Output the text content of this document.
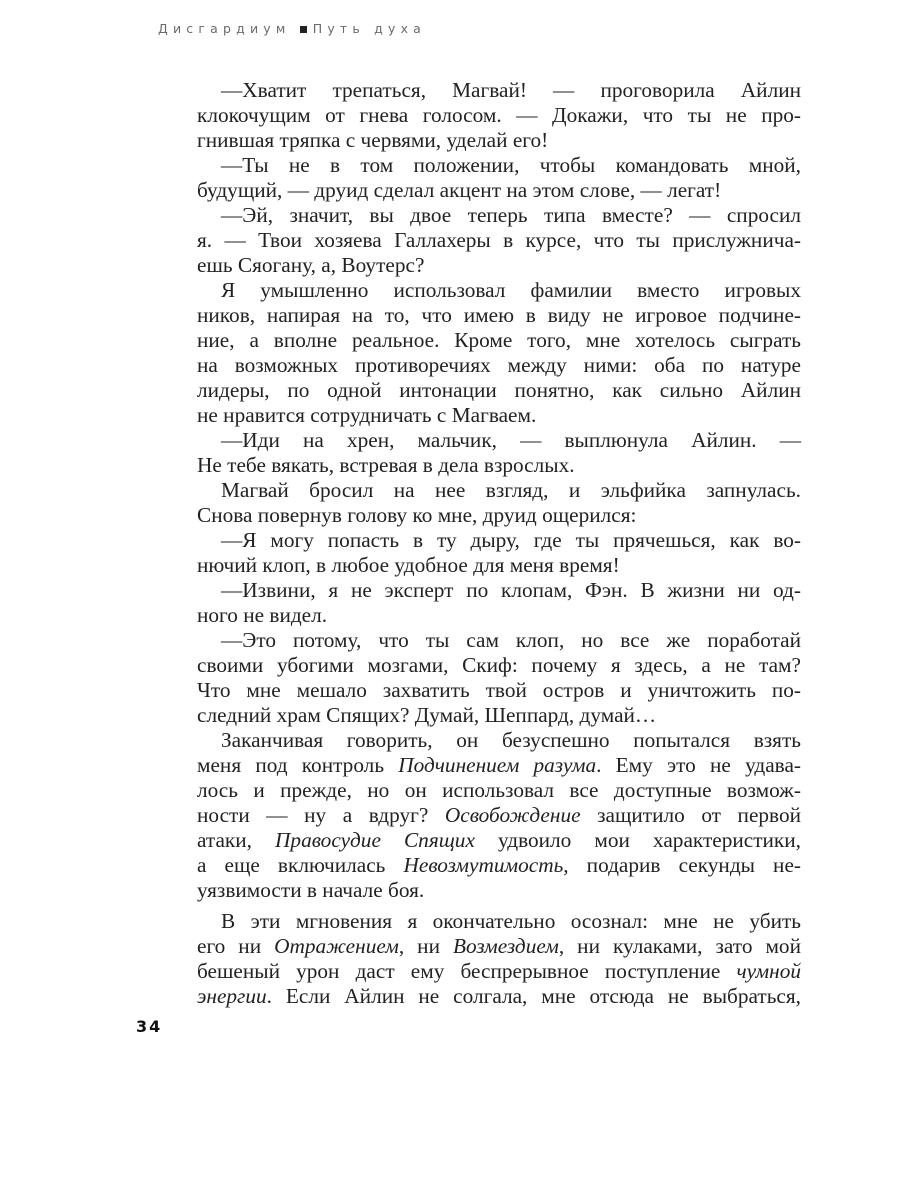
Дисгардиум Путь духа
—Хватит трепаться, Магвай! — проговорила Айлин
клокочущим от гнева голосом. — Докажи, что ты не про-
гнившая тряпка с червями, уделай его!
—Ты не в том положении, чтобы командовать мной,
будущий, — друид сделал акцент на этом слове, — легат!
—Эй, значит, вы двое теперь типа вместе? — спросил
я. — Твои хозяева Галлахеры в курсе, что ты прислужнича-
ешь Сяогану, а, Воутерс?
Я умышленно использовал фамилии вместо игровых
ников, напирая на то, что имею в виду не игровое подчине-
ние, а вполне реальное. Кроме того, мне хотелось сыграть
на возможных противоречиях между ними: оба по натуре
лидеры, по одной интонации понятно, как сильно Айлин
не нравится сотрудничать с Магваем.
—Иди на хрен, мальчик, — выплюнула Айлин. —
Не тебе вякать, встревая в дела взрослых.
Магвай бросил на нее взгляд, и эльфийка запнулась.
Снова повернув голову ко мне, друид ощерился:
—Я могу попасть в ту дыру, где ты прячешься, как во-
нючий клоп, в любое удобное для меня время!
—Извини, я не эксперт по клопам, Фэн. В жизни ни од-
ного не видел.
—Это потому, что ты сам клоп, но все же поработай
своими убогими мозгами, Скиф: почему я здесь, а не там?
Что мне мешало захватить твой остров и уничтожить по-
следний храм Спящих? Думай, Шеппард, думай…
Заканчивая говорить, он безуспешно попытался взять
меня под контроль Подчинением разума. Ему это не удава-
лось и прежде, но он использовал все доступные возмож-
ности — ну а вдруг? Освобождение защитило от первой
атаки, Правосудие Спящих удвоило мои характеристики,
а еще включилась Невозмутимость, подарив секунды не-
уязвимости в начале боя.
В эти мгновения я окончательно осознал: мне не убить
его ни Отражением, ни Возмездием, ни кулаками, зато мой
бешеный урон даст ему беспрерывное поступление чумной
энергии. Если Айлин не солгала, мне отсюда не выбраться,
34
